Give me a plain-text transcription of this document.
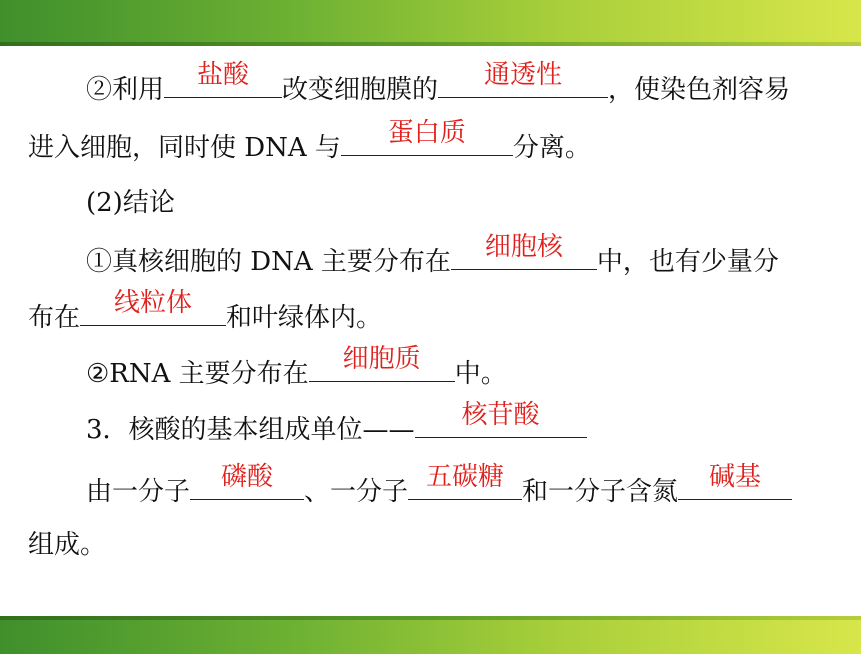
②利用	盐酸	改变细胞膜的	通透性	，使染色剂容易
进入细胞，同时使 DNA 与	蛋白质	分离。
(2)结论
①真核细胞的 DNA 主要分布在	细胞核	中，也有少量分
布在	线粒体	和叶绿体内。
②RNA 主要分布在	细胞质	中。
3．核酸的基本组成单位——	核苷酸
由一分子	磷酸	、一分子 五碳糖 和一分子含氮	碱基
组成。
